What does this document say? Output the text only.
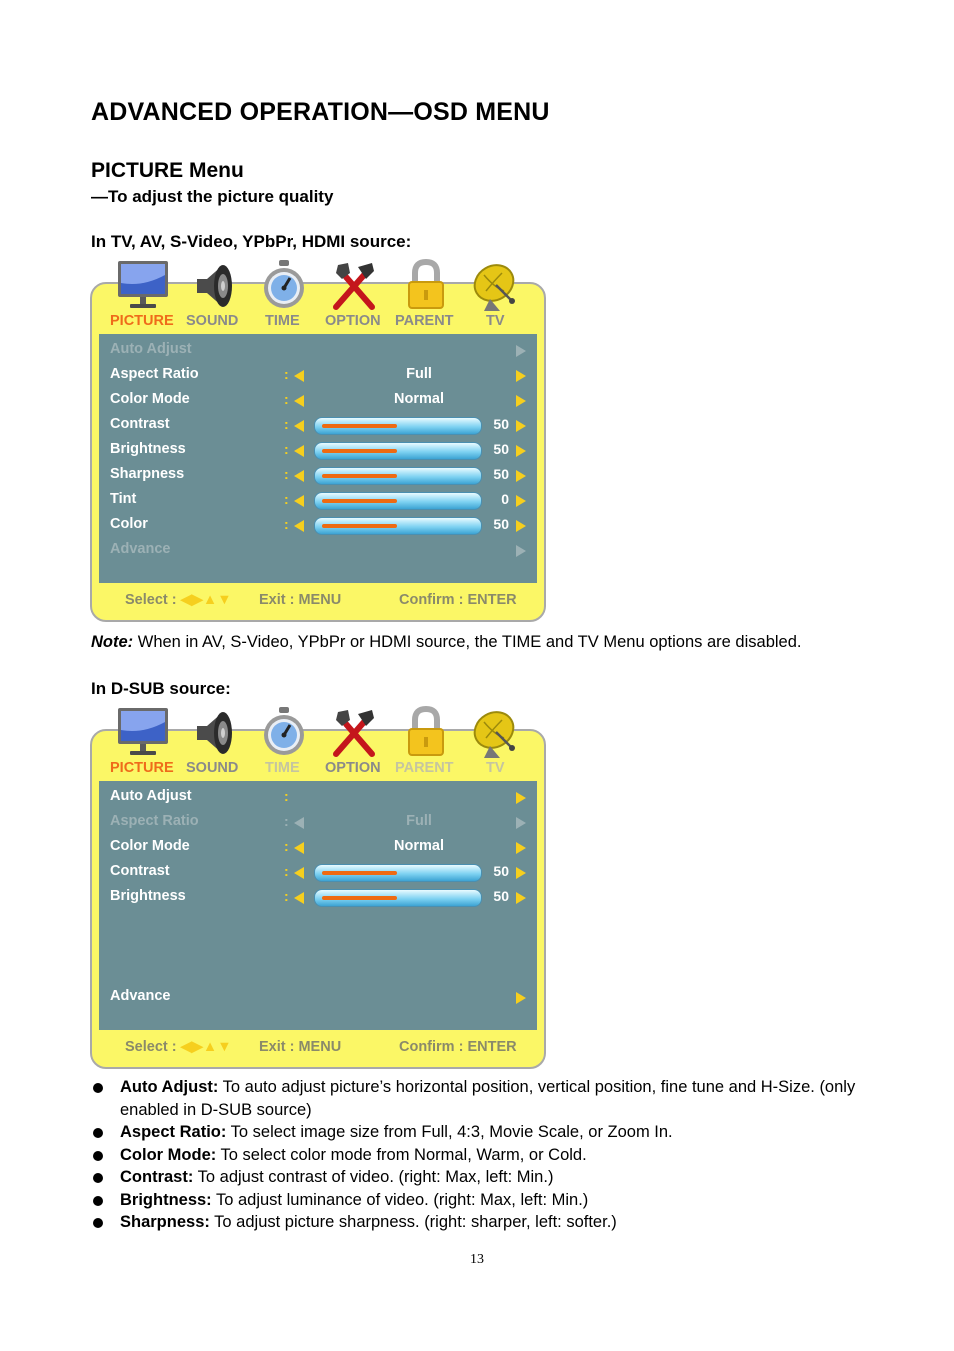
ADVANCED OPERATION—OSD MENU
PICTURE Menu
—To adjust the picture quality
In TV, AV, S-Video, YPbPr, HDMI source:
PICTURE SOUND TIME OPTION PARENT TV
Auto Adjust
Aspect Ratio	:	Full
Color Mode	:	Normal
Contrast	:	50
Brightness	:	50
Sharpness	:	50
Tint	:	0
Color	:	50
Advance
Select : ◀▶▲▼ Exit : MENU	Confirm : ENTER
Note: When in AV, S-Video, YPbPr or HDMI source, the TIME and TV Menu options are disabled.
In D-SUB source:
PICTURE SOUND TIME OPTION PARENT TV
Auto Adjust	:
Aspect Ratio	:	Full
Color Mode	:	Normal
Contrast	:	50
Brightness	:	50
Advance
Select : ◀▶▲▼ Exit : MENU	Confirm : ENTER
Auto Adjust: To auto adjust picture’s horizontal position, vertical position, fine tune and H-Size. (only enabled in D-SUB source)
Aspect Ratio: To select image size from Full, 4:3, Movie Scale, or Zoom In.
Color Mode: To select color mode from Normal, Warm, or Cold.
Contrast: To adjust contrast of video. (right: Max, left: Min.)
Brightness: To adjust luminance of video. (right: Max, left: Min.)
Sharpness: To adjust picture sharpness. (right: sharper, left: softer.)
13
